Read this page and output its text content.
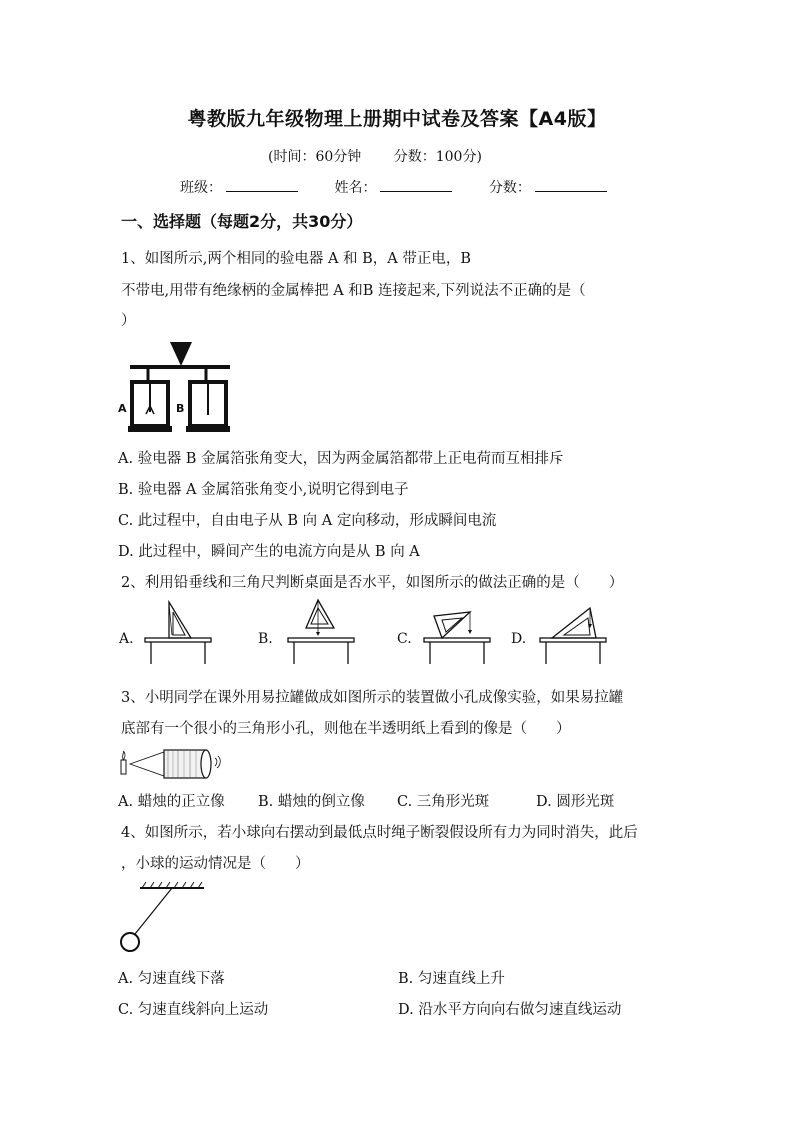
粤教版九年级物理上册期中试卷及答案【A4版】
(时间：60分钟 分数：100分)
班级：	姓名：	分数：
一、选择题（每题2分，共30分）
1、如图所示,两个相同的验电器 A 和 B，A 带正电，B
不带电,用带有绝缘柄的金属棒把 A 和B 连接起来,下列说法不正确的是（
）
A	B
A. 验电器 B 金属箔张角变大，因为两金属箔都带上正电荷而互相排斥
B. 验电器 A 金属箔张角变小,说明它得到电子
C. 此过程中，自由电子从 B 向 A 定向移动，形成瞬间电流
D. 此过程中，瞬间产生的电流方向是从 B 向 A
2、利用铅垂线和三角尺判断桌面是否水平，如图所示的做法正确的是（　　）
A.	B.	C.	D.
3、小明同学在课外用易拉罐做成如图所示的装置做小孔成像实验，如果易拉罐
底部有一个很小的三角形小孔，则他在半透明纸上看到的像是（　　）
A. 蜡烛的正立像 B. 蜡烛的倒立像 C. 三角形光斑	D. 圆形光斑
4、如图所示，若小球向右摆动到最低点时绳子断裂假设所有力为同时消失，此后
，小球的运动情况是（　　）
A. 匀速直线下落	B. 匀速直线上升
C. 匀速直线斜向上运动	D. 沿水平方向向右做匀速直线运动
